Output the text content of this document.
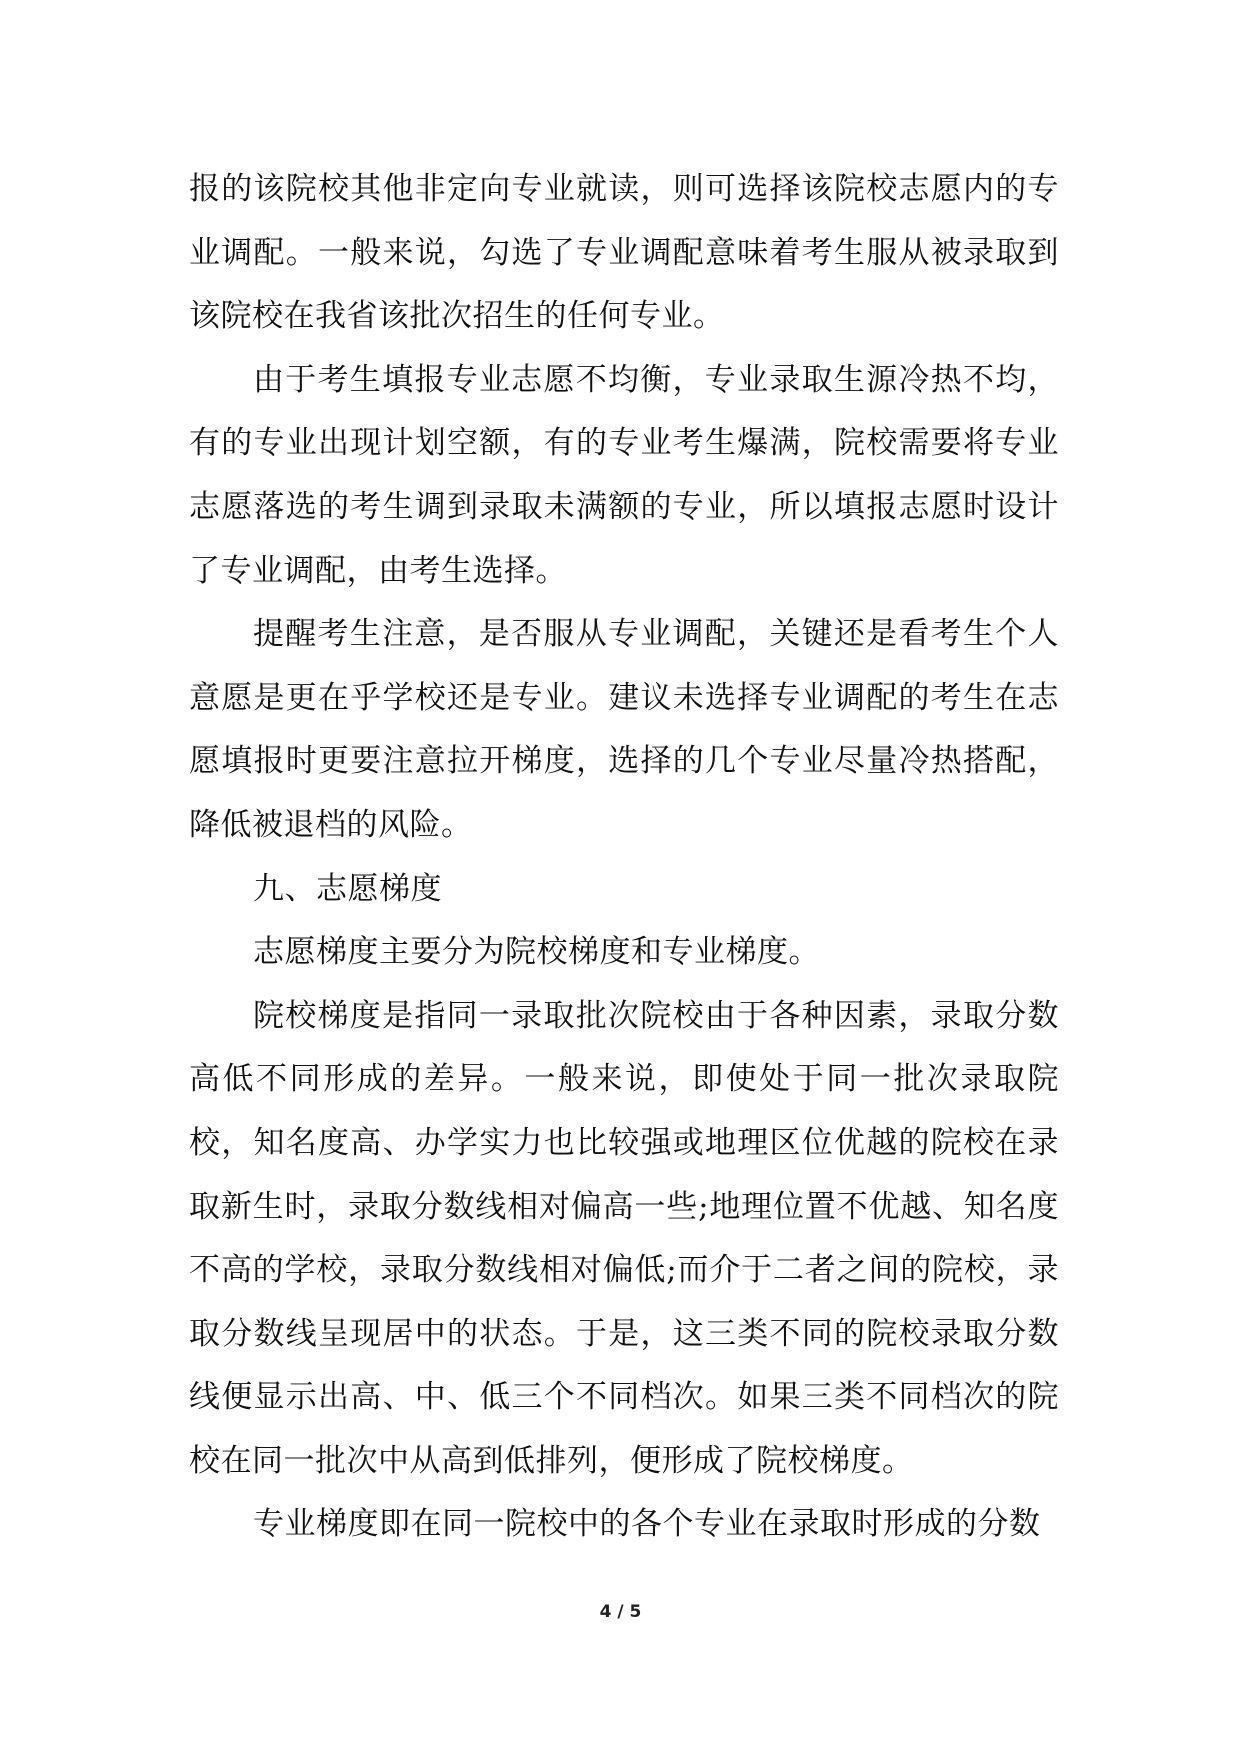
报的该院校其他非定向专业就读，则可选择该院校志愿内的专业调配。一般来说，勾选了专业调配意味着考生服从被录取到该院校在我省该批次招生的任何专业。

由于考生填报专业志愿不均衡，专业录取生源冷热不均，有的专业出现计划空额，有的专业考生爆满，院校需要将专业志愿落选的考生调到录取未满额的专业，所以填报志愿时设计了专业调配，由考生选择。

提醒考生注意，是否服从专业调配，关键还是看考生个人意愿是更在乎学校还是专业。建议未选择专业调配的考生在志愿填报时更要注意拉开梯度，选择的几个专业尽量冷热搭配，降低被退档的风险。

九、志愿梯度

志愿梯度主要分为院校梯度和专业梯度。

院校梯度是指同一录取批次院校由于各种因素，录取分数高低不同形成的差异。一般来说，即使处于同一批次录取院校，知名度高、办学实力也比较强或地理区位优越的院校在录取新生时，录取分数线相对偏高一些;地理位置不优越、知名度不高的学校，录取分数线相对偏低;而介于二者之间的院校，录取分数线呈现居中的状态。于是，这三类不同的院校录取分数线便显示出高、中、低三个不同档次。如果三类不同档次的院校在同一批次中从高到低排列，便形成了院校梯度。

专业梯度即在同一院校中的各个专业在录取时形成的分数

4 / 5
